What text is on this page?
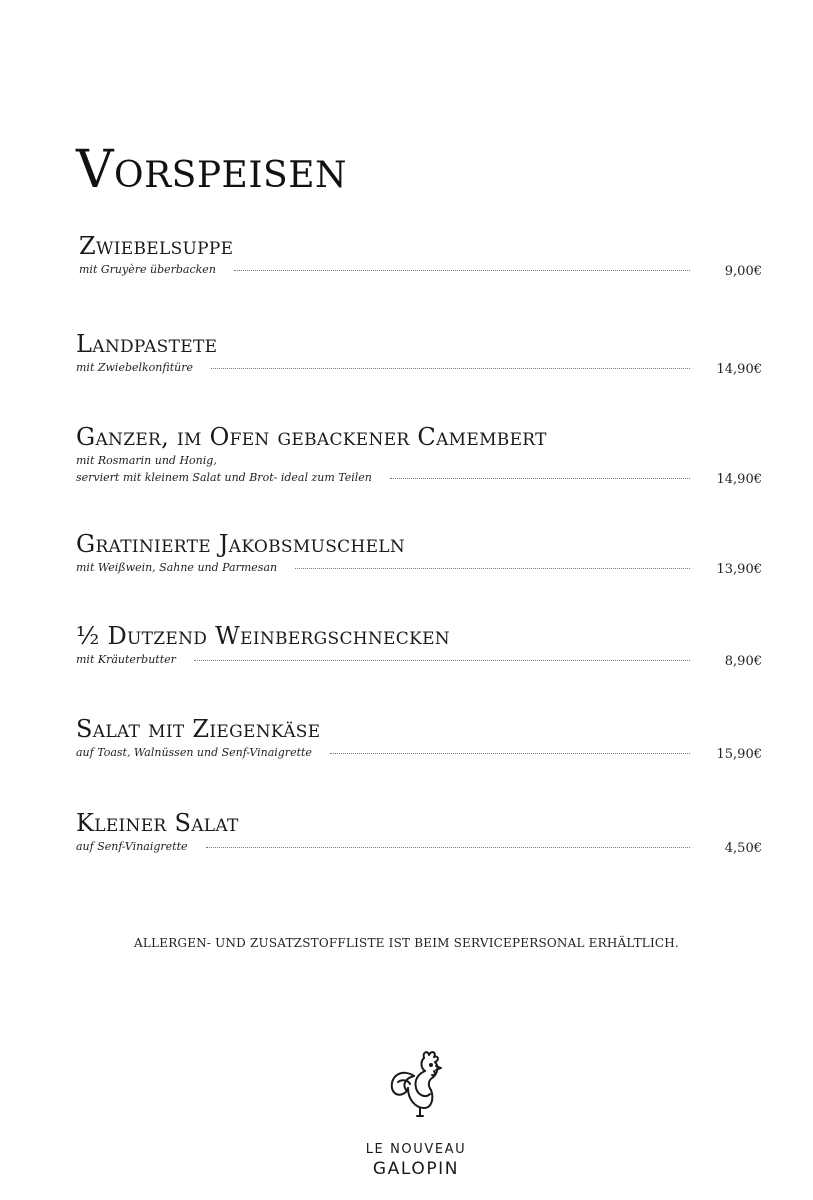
Vorspeisen
Zwiebelsuppe
mit Gruyère überbacken	9,00€
Landpastete
mit Zwiebelkonfitüre	14,90€
Ganzer, im Ofen gebackener Camembert
mit Rosmarin und Honig,
serviert mit kleinem Salat und Brot- ideal zum Teilen	14,90€
Gratinierte Jakobsmuscheln
mit Weißwein, Sahne und Parmesan	13,90€
½ Dutzend Weinbergschnecken
mit Kräuterbutter	8,90€
Salat mit Ziegenkäse
auf Toast, Walnüssen und Senf-Vinaigrette	15,90€
Kleiner Salat
auf Senf-Vinaigrette	4,50€
ALLERGEN- UND ZUSATZSTOFFLISTE IST BEIM SERVICEPERSONAL ERHÄLTLICH.
LE NOUVEAU
GALOPIN
